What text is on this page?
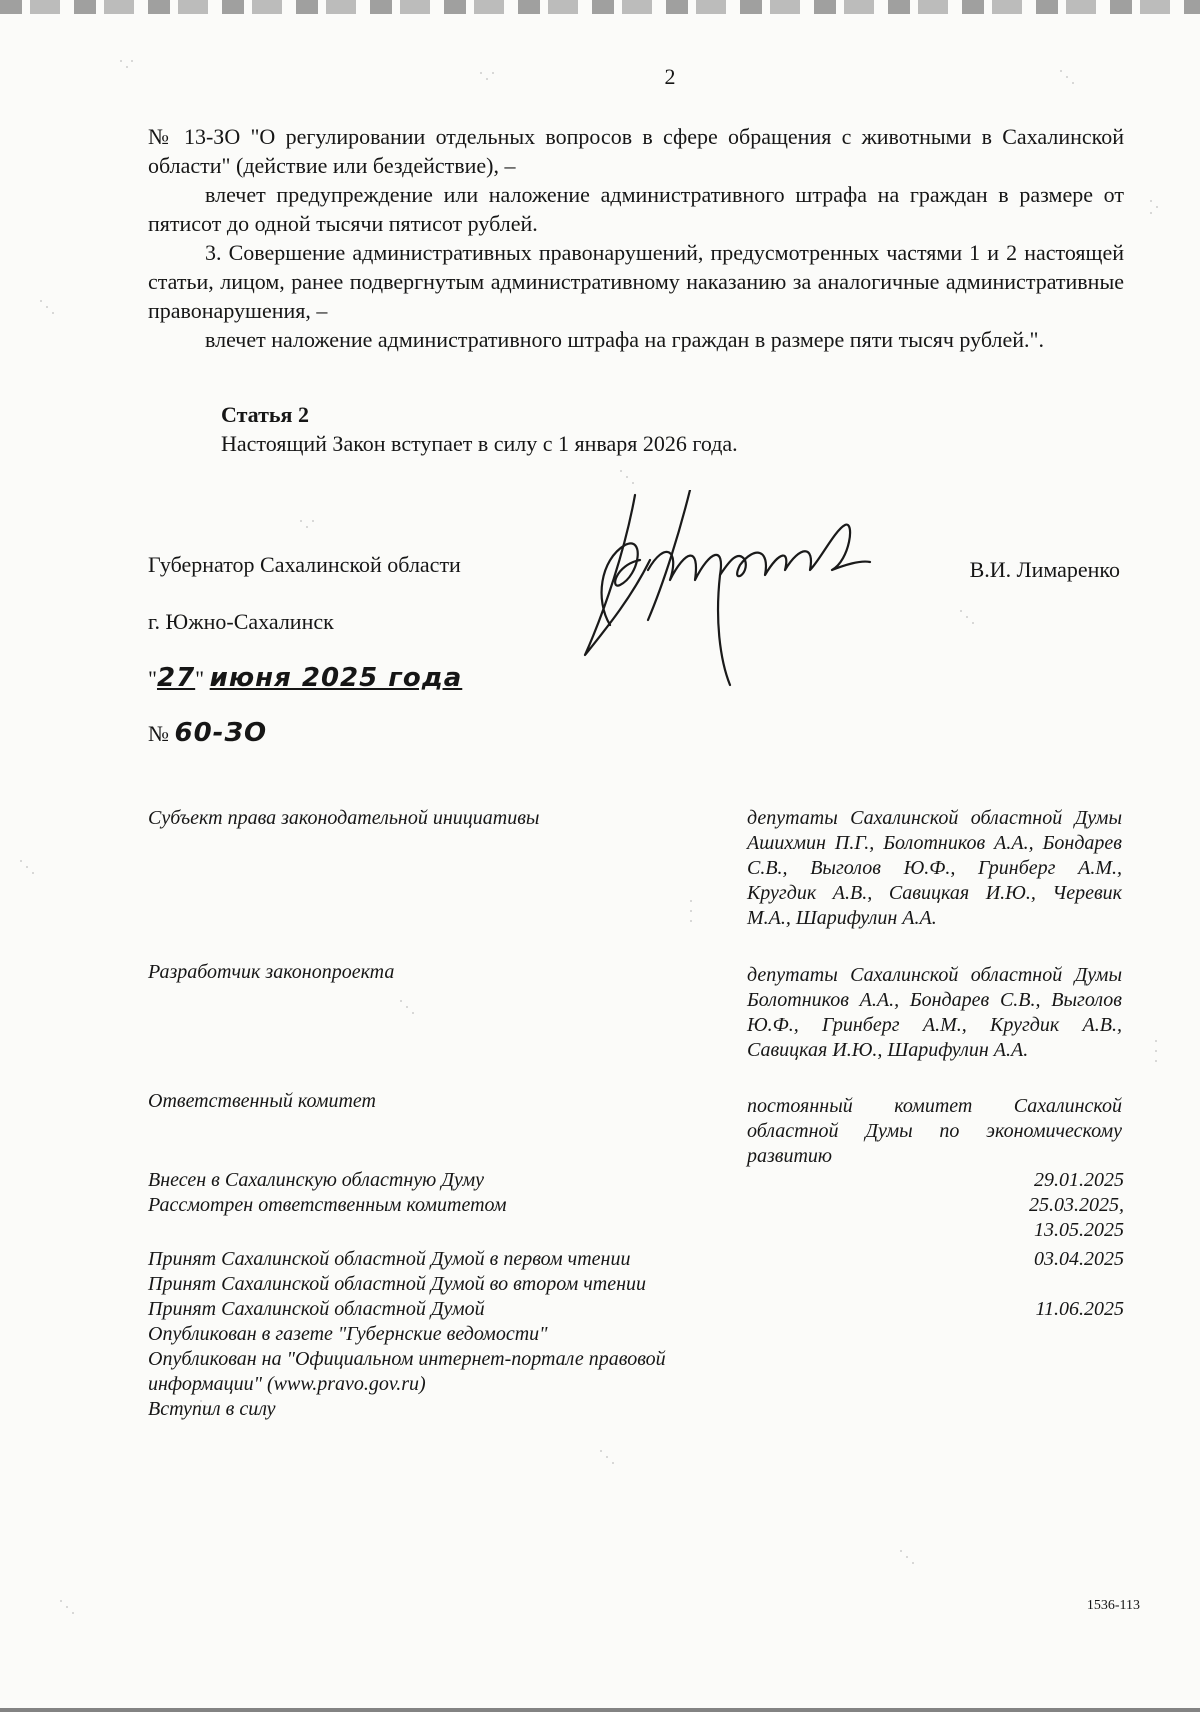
2

№ 13-ЗО "О регулировании отдельных вопросов в сфере обращения с животными в Сахалинской области" (действие или бездействие), –

влечет предупреждение или наложение административного штрафа на граждан в размере от пятисот до одной тысячи пятисот рублей.

3. Совершение административных правонарушений, предусмотренных частями 1 и 2 настоящей статьи, лицом, ранее подвергнутым административному наказанию за аналогичные административные правонарушения, –

влечет наложение административного штрафа на граждан в размере пяти тысяч рублей.".

Статья 2
Настоящий Закон вступает в силу с 1 января 2026 года.
Губернатор Сахалинской области	В.И. Лимаренко
г. Южно-Сахалинск
"27" июня 2025 года
№ 60-ЗО
Субъект права законодательной инициативы	депутаты Сахалинской областной Думы Ашихмин П.Г., Болотников А.А., Бондарев С.В., Выголов Ю.Ф., Гринберг А.М., Кругдик А.В., Савицкая И.Ю., Черевик М.А., Шарифулин А.А.
Разработчик законопроекта	депутаты Сахалинской областной Думы Болотников А.А., Бондарев С.В., Выголов Ю.Ф., Гринберг А.М., Кругдик А.В., Савицкая И.Ю., Шарифулин А.А.
Ответственный комитет	постоянный комитет Сахалинской областной Думы по экономическому развитию
Внесен в Сахалинскую областную Думу	29.01.2025
Рассмотрен ответственным комитетом	25.03.2025,
13.05.2025
Принят Сахалинской областной Думой в первом чтении	03.04.2025
Принят Сахалинской областной Думой во втором чтении
Принят Сахалинской областной Думой	11.06.2025
Опубликован в газете "Губернские ведомости"
Опубликован на "Официальном интернет-портале правовой информации" (www.pravo.gov.ru)
Вступил в силу
1536-113
